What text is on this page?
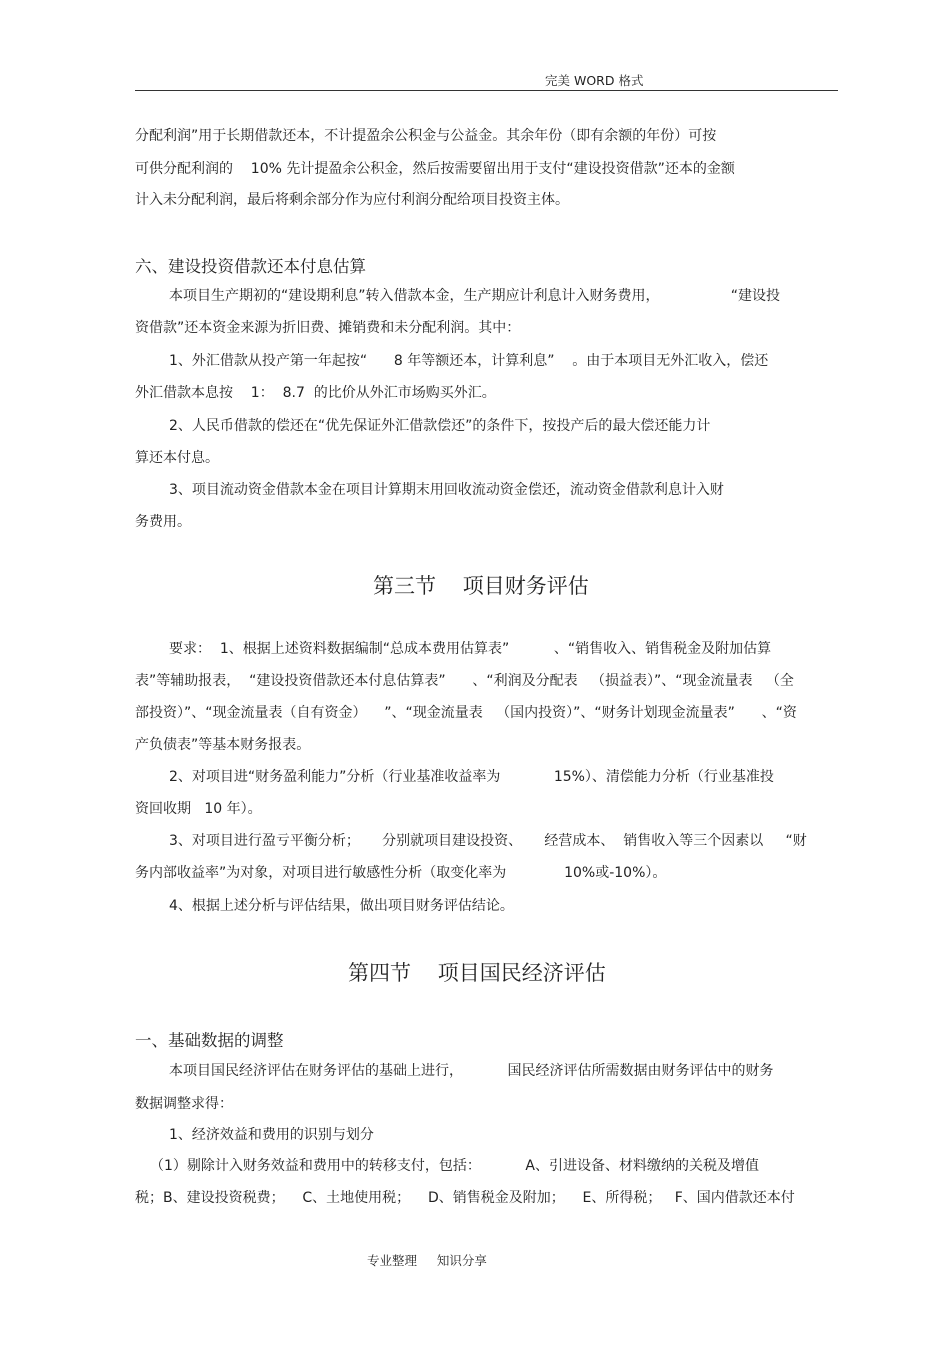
完美 WORD 格式
分配利润”用于长期借款还本，不计提盈余公积金与公益金。其余年份（即有余额的年份）可按
可供分配利润的    10% 先计提盈余公积金，然后按需要留出用于支付“建设投资借款”还本的金额
计入未分配利润，最后将剩余部分作为应付利润分配给项目投资主体。
六、建设投资借款还本付息估算
本项目生产期初的“建设期利息”转入借款本金，生产期应计利息计入财务费用，                “建设投
资借款”还本资金来源为折旧费、摊销费和未分配利润。其中：
1、外汇借款从投产第一年起按“      8 年等额还本，计算利息”    。由于本项目无外汇收入，偿还
外汇借款本息按    1：  8.7  的比价从外汇市场购买外汇。
2、人民币借款的偿还在“优先保证外汇借款偿还”的条件下，按投产后的最大偿还能力计
算还本付息。
3、项目流动资金借款本金在项目计算期末用回收流动资金偿还，流动资金借款利息计入财
务费用。
第三节    项目财务评估
要求：  1、根据上述资料数据编制“总成本费用估算表”          、“销售收入、销售税金及附加估算
表”等辅助报表，  “建设投资借款还本付息估算表”      、“利润及分配表   （损益表）”、“现金流量表   （全
部投资）”、“现金流量表（自有资金）    ”、“现金流量表   （国内投资）”、“财务计划现金流量表”      、“资
产负债表”等基本财务报表。
2、对项目进“财务盈利能力”分析（行业基准收益率为            15%）、清偿能力分析（行业基准投
资回收期   10 年）。
3、对项目进行盈亏平衡分析；     分别就项目建设投资、     经营成本、  销售收入等三个因素以     “财
务内部收益率”为对象，对项目进行敏感性分析（取变化率为             10%或-10%）。
4、根据上述分析与评估结果，做出项目财务评估结论。
第四节    项目国民经济评估
一、基础数据的调整
本项目国民经济评估在财务评估的基础上进行，          国民经济评估所需数据由财务评估中的财务
数据调整求得：
1、经济效益和费用的识别与划分
（1）剔除计入财务效益和费用中的转移支付，包括：          A、引进设备、材料缴纳的关税及增值
税；B、建设投资税费；    C、土地使用税；    D、销售税金及附加；    E、所得税；   F、国内借款还本付
专业整理     知识分享
